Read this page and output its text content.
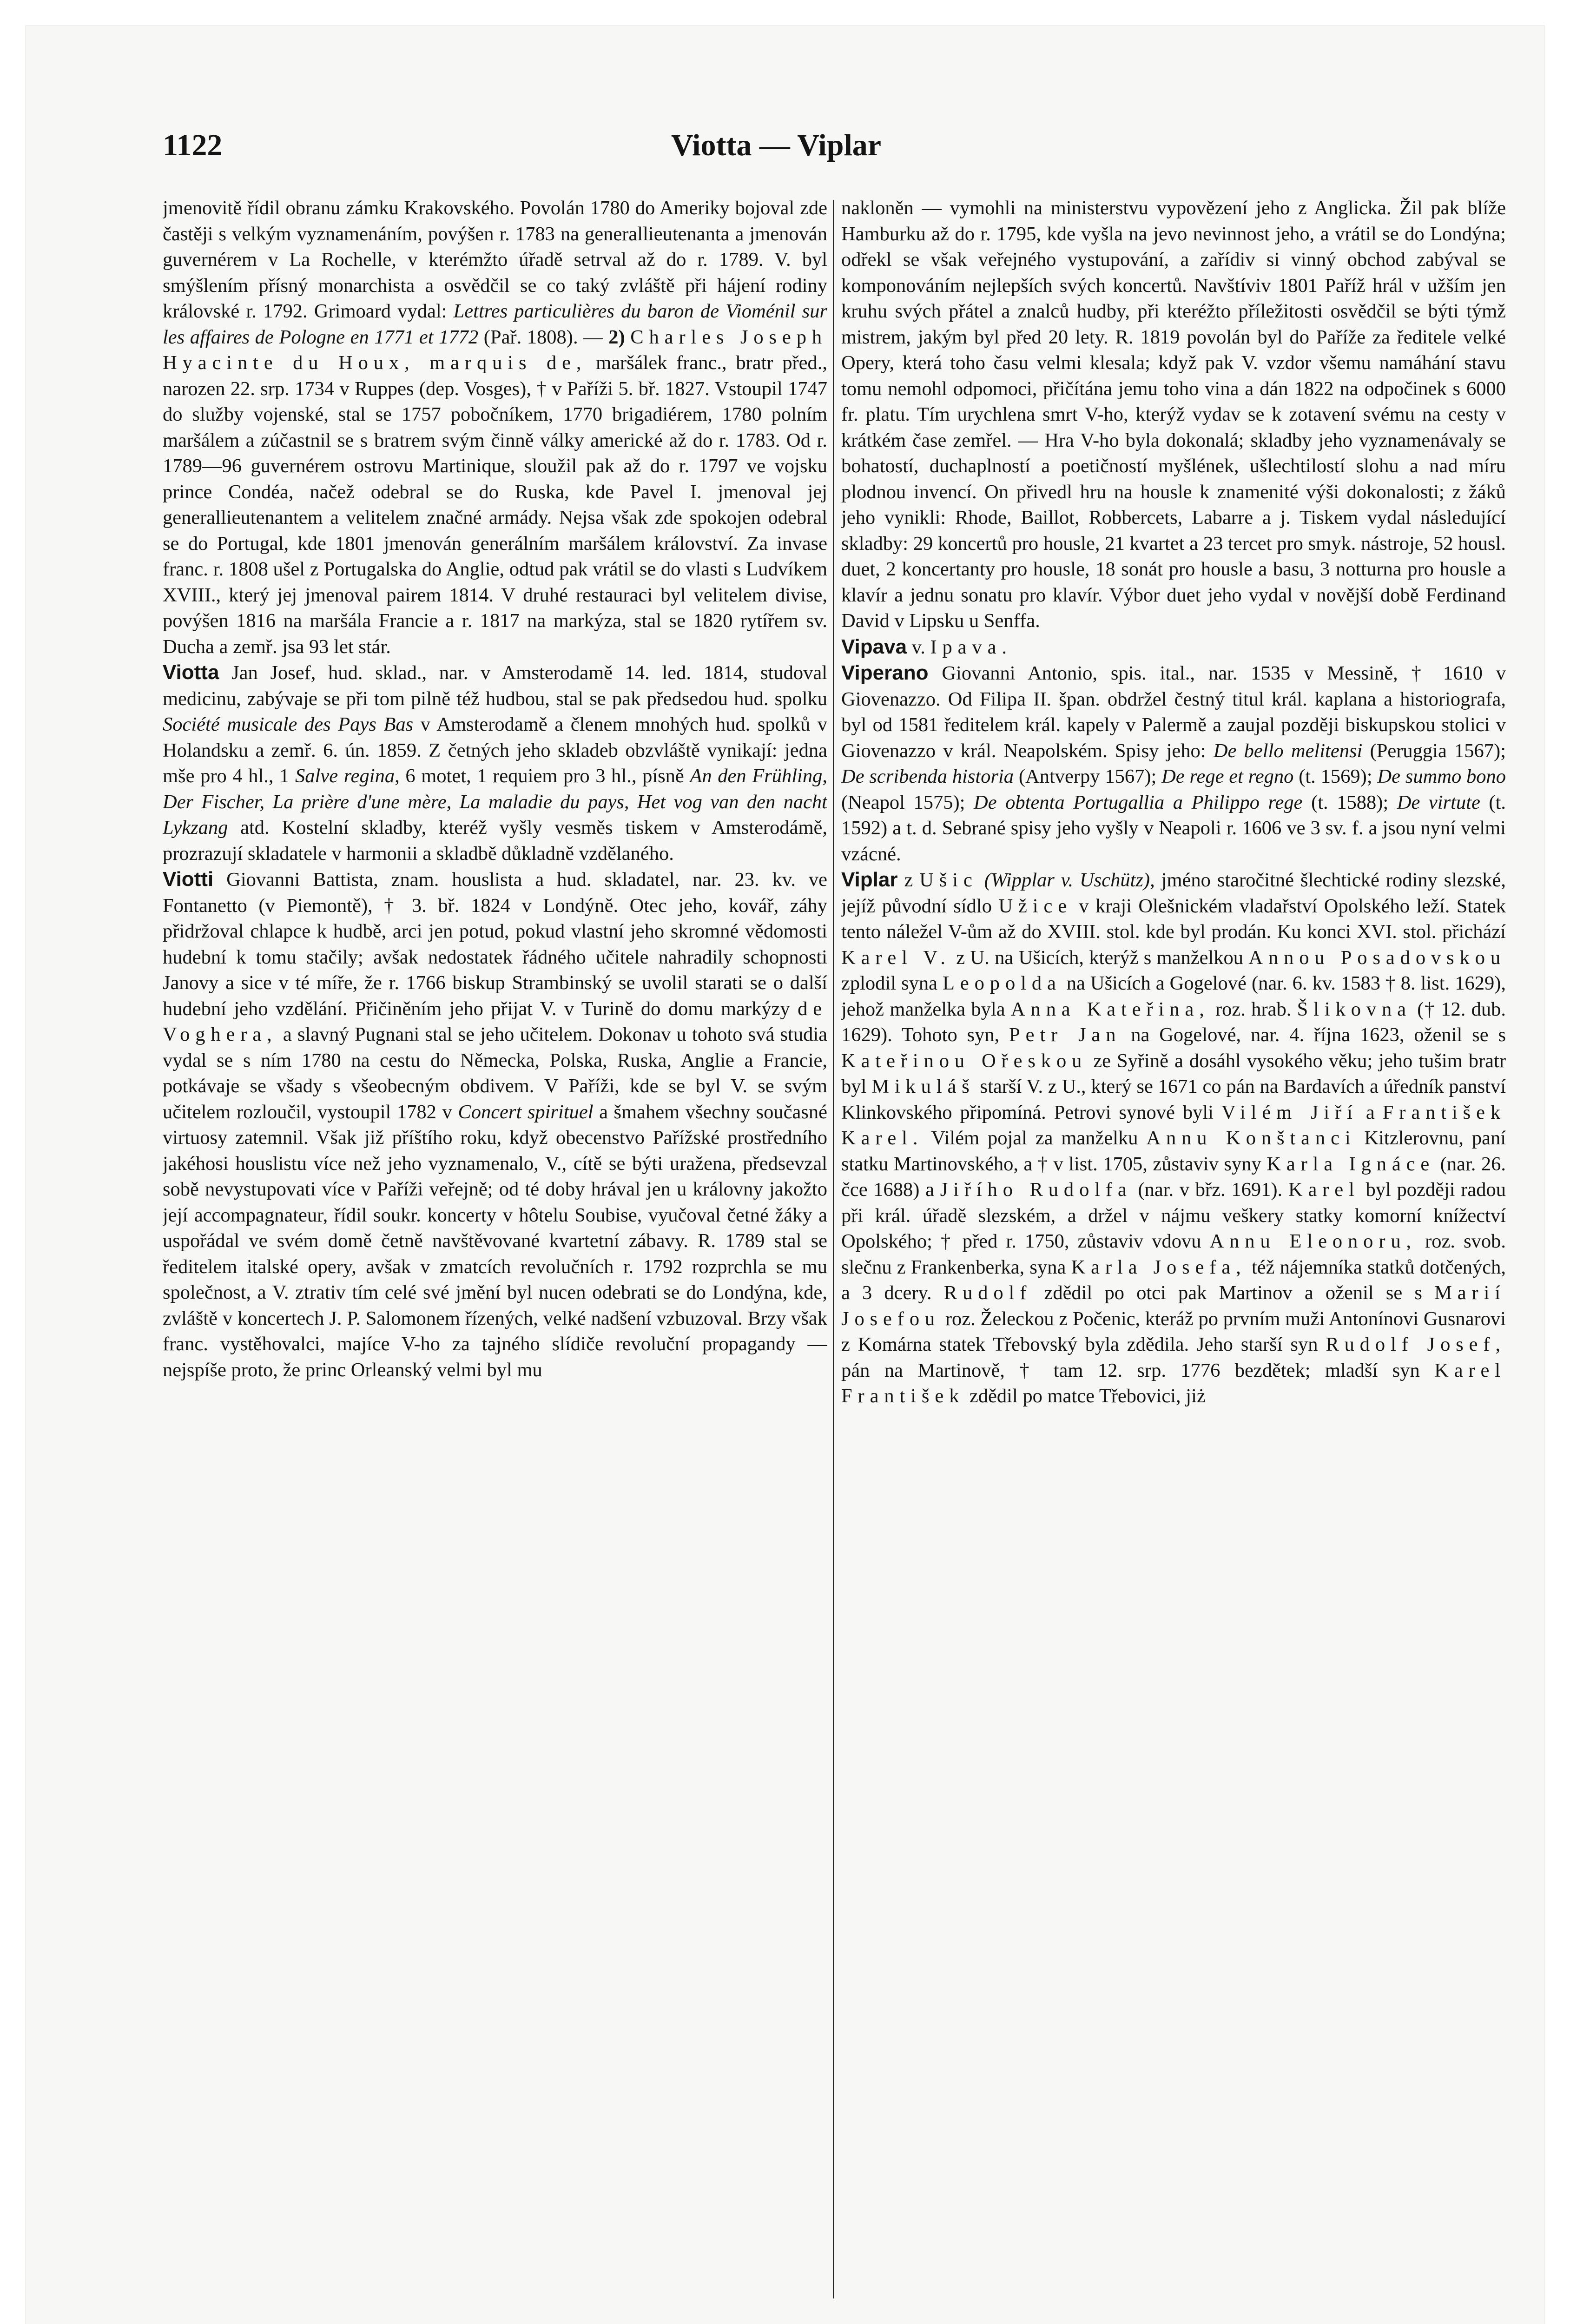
1122	Viotta — Viplar

jmenovitě řídil obranu zámku Krakovského. Povolán 1780 do Ameriky bojoval zde častěji s velkým vyznamenáním, povýšen r. 1783 na generallieutenanta a jmenován guvernérem v La Rochelle, v kterémžto úřadě setrval až do r. 1789. V. byl smýšlením přísný monarchista a osvědčil se co taký zvláště při hájení rodiny královské r. 1792. Grimoard vydal: Lettres particulières du baron de Vioménil sur les affaires de Pologne en 1771 et 1772 (Pař. 1808). — 2) Charles Joseph Hyacinte du Houx, marquis de, maršálek franc., bratr před., narozen 22. srp. 1734 v Ruppes (dep. Vosges), † v Paříži 5. bř. 1827. Vstoupil 1747 do služby vojenské, stal se 1757 pobočníkem, 1770 brigadiérem, 1780 polním maršálem a zúčastnil se s bratrem svým činně války americké až do r. 1783. Od r. 1789—96 guvernérem ostrovu Martinique, sloužil pak až do r. 1797 ve vojsku prince Condéa, načež odebral se do Ruska, kde Pavel I. jmenoval jej generallieutenantem a velitelem značné armády. Nejsa však zde spokojen odebral se do Portugal, kde 1801 jmenován generálním maršálem království. Za invase franc. r. 1808 ušel z Portugalska do Anglie, odtud pak vrátil se do vlasti s Ludvíkem XVIII., který jej jmenoval pairem 1814. V druhé restauraci byl velitelem divise, povýšen 1816 na maršála Francie a r. 1817 na markýza, stal se 1820 rytířem sv. Ducha a zemř. jsa 93 let stár.

Viotta Jan Josef, hud. sklad., nar. v Amsterodamě 14. led. 1814, studoval medicinu, zabývaje se při tom pilně též hudbou, stal se pak předsedou hud. spolku Société musicale des Pays Bas v Amsterodamě a členem mnohých hud. spolků v Holandsku a zemř. 6. ún. 1859. Z četných jeho skladeb obzvláště vynikají: jedna mše pro 4 hl., 1 Salve regina, 6 motet, 1 requiem pro 3 hl., písně An den Frühling, Der Fischer, La prière d'une mère, La maladie du pays, Het vog van den nacht Lykzang atd. Kostelní skladby, kteréž vyšly vesměs tiskem v Amsterodámě, prozrazují skladatele v harmonii a skladbě důkladně vzdělaného.

Viotti Giovanni Battista, znam. houslista a hud. skladatel, nar. 23. kv. ve Fontanetto (v Piemontě), † 3. bř. 1824 v Londýně. Otec jeho, kovář, záhy přidržoval chlapce k hudbě, arci jen potud, pokud vlastní jeho skromné vědomosti hudební k tomu stačily; avšak nedostatek řádného učitele nahradily schopnosti Janovy a sice v té míře, že r. 1766 biskup Strambinský se uvolil starati se o další hudební jeho vzdělání. Přičiněním jeho přijat V. v Turině do domu markýzy de Voghera, a slavný Pugnani stal se jeho učitelem. Dokonav u tohoto svá studia vydal se s ním 1780 na cestu do Německa, Polska, Ruska, Anglie a Francie, potkávaje se všady s všeobecným obdivem. V Paříži, kde se byl V. se svým učitelem rozloučil, vystoupil 1782 v Concert spirituel a šmahem všechny současné virtuosy zatemnil. Však již příštího roku, když obecenstvo Pařížské prostředního jakéhosi houslistu více než jeho vyznamenalo, V., cítě se býti uražena, předsevzal sobě nevystupovati více v Paříži veřejně; od té doby hrával jen u královny jakožto její accompagnateur, řídil soukr. koncerty v hôtelu Soubise, vyučoval četné žáky a uspořádal ve svém domě četně navštěvované kvartetní zábavy. R. 1789 stal se ředitelem italské opery, avšak v zmatcích revolučních r. 1792 rozprchla se mu společnost, a V. ztrativ tím celé své jmění byl nucen odebrati se do Londýna, kde, zvláště v koncertech J. P. Salomonem řízených, velké nadšení vzbuzoval. Brzy však franc. vystěhovalci, majíce V-ho za tajného slídiče revoluční propagandy — nejspíše proto, že princ Orleanský velmi byl mu

nakloněn — vymohli na ministerstvu vypovězení jeho z Anglicka. Žil pak blíže Hamburku až do r. 1795, kde vyšla na jevo nevinnost jeho, a vrátil se do Londýna; odřekl se však veřejného vystupování, a zařídiv si vinný obchod zabýval se komponováním nejlepších svých koncertů. Navštíviv 1801 Paříž hrál v užším jen kruhu svých přátel a znalců hudby, při kteréžto příležitosti osvědčil se býti týmž mistrem, jakým byl před 20 lety. R. 1819 povolán byl do Paříže za ředitele velké Opery, která toho času velmi klesala; když pak V. vzdor všemu namáhání stavu tomu nemohl odpomoci, přičítána jemu toho vina a dán 1822 na odpočinek s 6000 fr. platu. Tím urychlena smrt V-ho, kterýž vydav se k zotavení svému na cesty v krátkém čase zemřel. — Hra V-ho byla dokonalá; skladby jeho vyznamenávaly se bohatostí, duchaplností a poetičností myšlének, ušlechtilostí slohu a nad míru plodnou invencí. On přivedl hru na housle k znamenité výši dokonalosti; z žáků jeho vynikli: Rhode, Baillot, Robbercets, Labarre a j. Tiskem vydal následující skladby: 29 koncertů pro housle, 21 kvartet a 23 tercet pro smyk. nástroje, 52 housl. duet, 2 koncertanty pro housle, 18 sonát pro housle a basu, 3 notturna pro housle a klavír a jednu sonatu pro klavír. Výbor duet jeho vydal v novější době Ferdinand David v Lipsku u Senffa.

Vipava v. Ipava.

Viperano Giovanni Antonio, spis. ital., nar. 1535 v Messině, † 1610 v Giovenazzo. Od Filipa II. špan. obdržel čestný titul král. kaplana a historiografa, byl od 1581 ředitelem král. kapely v Palermě a zaujal později biskupskou stolici v Giovenazzo v král. Neapolském. Spisy jeho: De bello melitensi (Peruggia 1567); De scribenda historia (Antverpy 1567); De rege et regno (t. 1569); De summo bono (Neapol 1575); De obtenta Portugallia a Philippo rege (t. 1588); De virtute (t. 1592) a t. d. Sebrané spisy jeho vyšly v Neapoli r. 1606 ve 3 sv. f. a jsou nyní velmi vzácné.

Viplar z Ušic (Wipplar v. Uschütz), jméno staročitné šlechtické rodiny slezské, jejíž původní sídlo Užice v kraji Olešnickém vladařství Opolského leží. Statek tento náležel V-ům až do XVIII. stol. kde byl prodán. Ku konci XVI. stol. přichází Karel V. z U. na Ušicích, kterýž s manželkou Annou Posadovskou zplodil syna Leopolda na Ušicích a Gogelové (nar. 6. kv. 1583 † 8. list. 1629), jehož manželka byla Anna Kateřina, roz. hrab. Šlikovna († 12. dub. 1629). Tohoto syn, Petr Jan na Gogelové, nar. 4. října 1623, oženil se s Kateřinou Ořeskou ze Syřině a dosáhl vysokého věku; jeho tušim bratr byl Mikuláš starší V. z U., který se 1671 co pán na Bardavích a úředník panství Klinkovského připomíná. Petrovi synové byli Vilém Jiří a František Karel. Vilém pojal za manželku Annu Konštanci Kitzlerovnu, paní statku Martinovského, a † v list. 1705, zůstaviv syny Karla Ignáce (nar. 26. čce 1688) a Jiřího Rudolfa (nar. v břz. 1691). Karel byl později radou při král. úřadě slezském, a držel v nájmu veškery statky komorní knížectví Opolského; † před r. 1750, zůstaviv vdovu Annu Eleonoru, roz. svob. slečnu z Frankenberka, syna Karla Josefa, též nájemníka statků dotčených, a 3 dcery. Rudolf zdědil po otci pak Martinov a oženil se s Marií Josefou roz. Želeckou z Počenic, kteráž po prvním muži Antonínovi Gusnarovi z Komárna statek Třebovský byla zdědila. Jeho starší syn Rudolf Josef, pán na Martinově, † tam 12. srp. 1776 bezdětek; mladší syn Karel František zdědil po matce Třebovici, jiż
